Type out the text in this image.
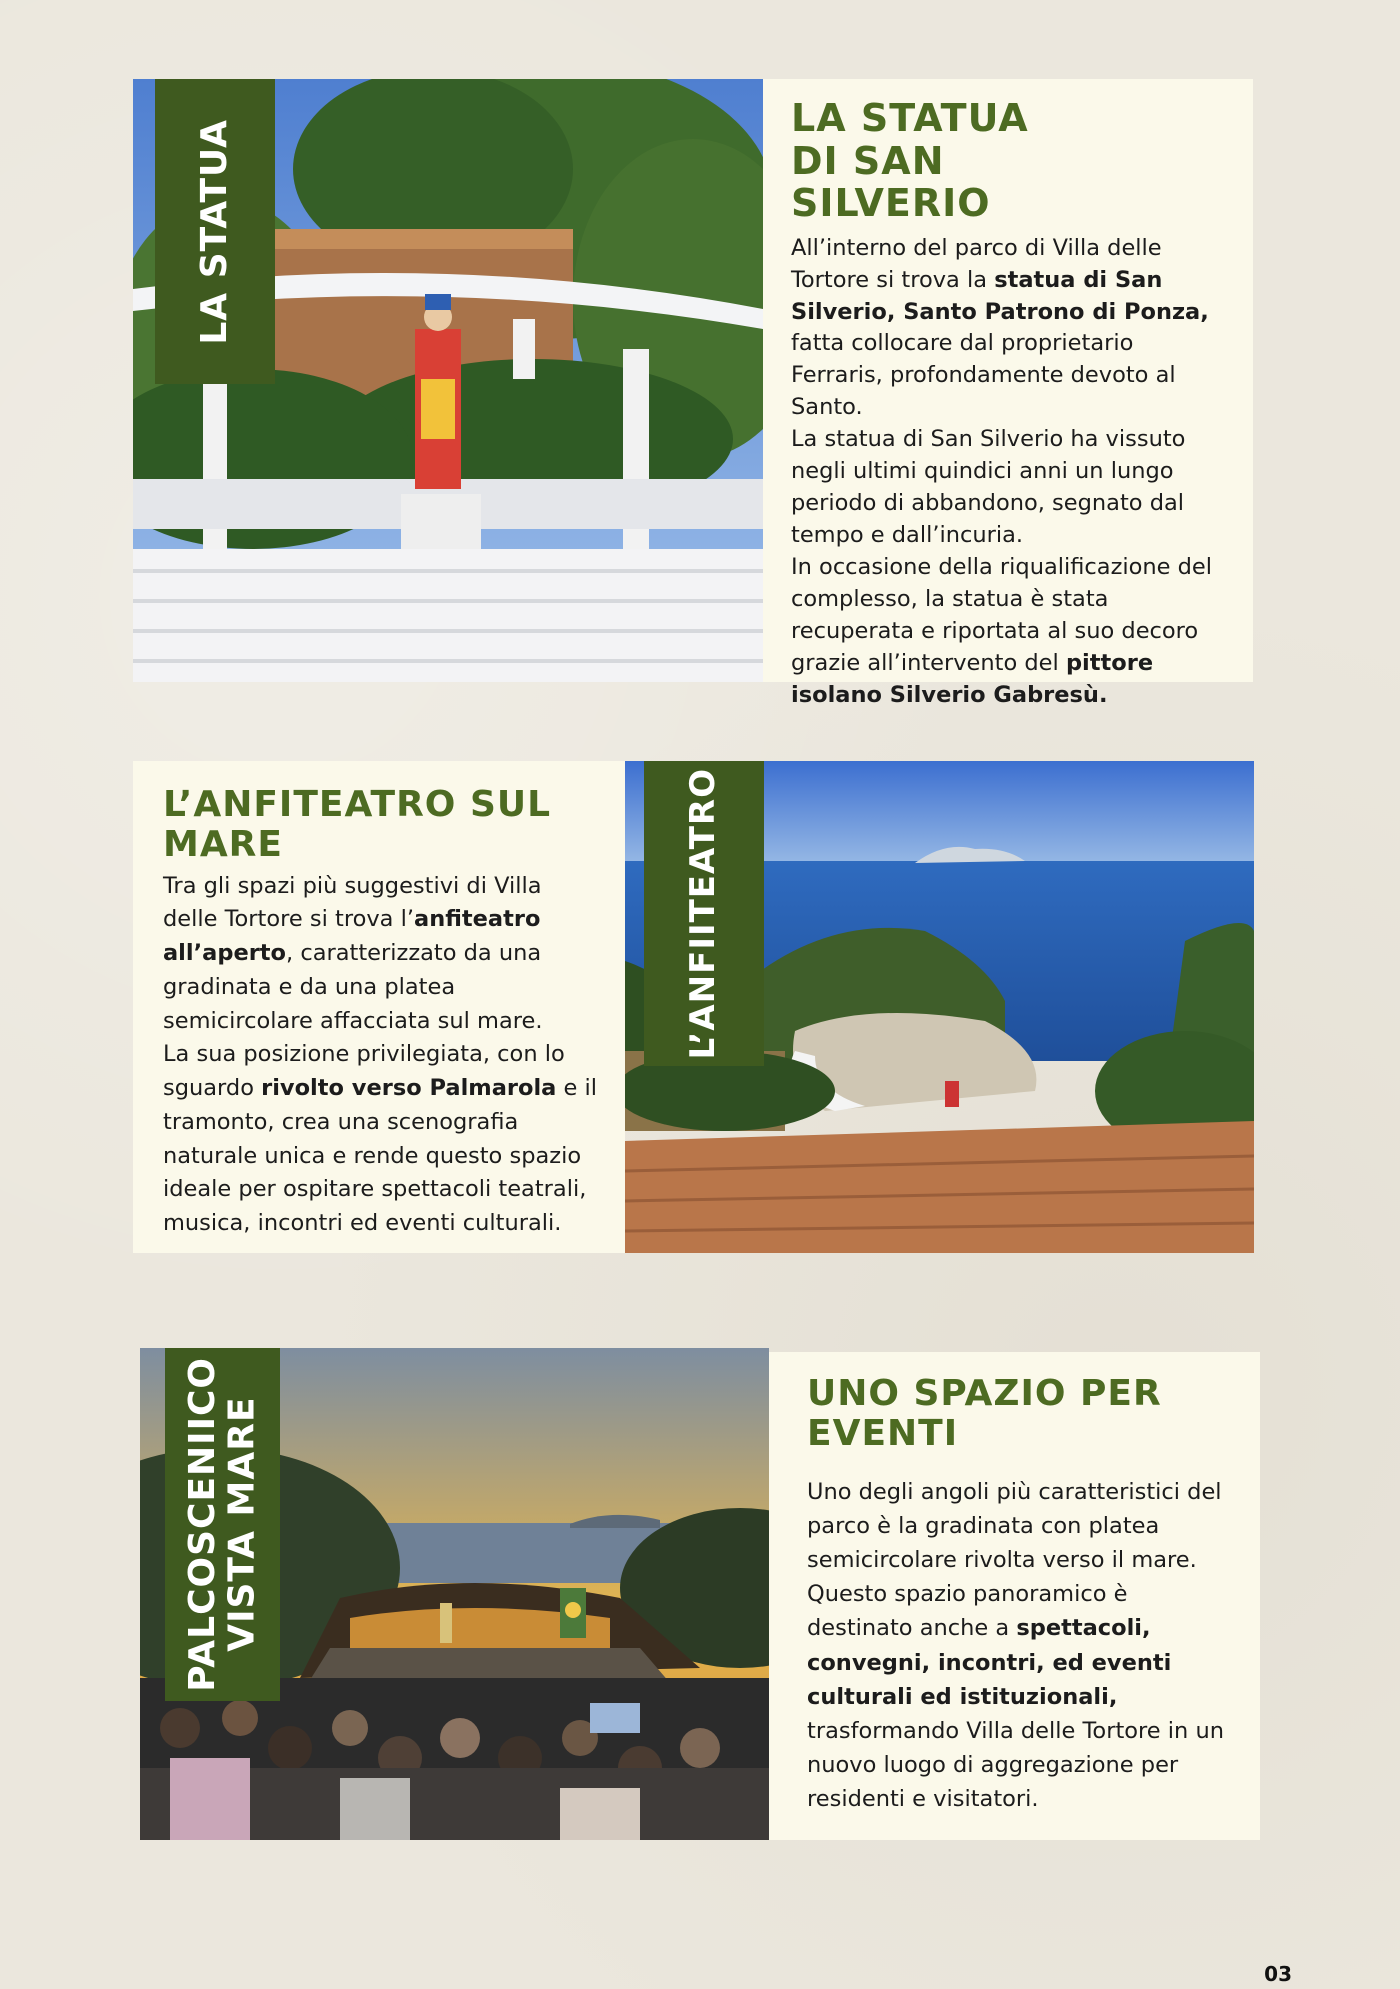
LA STATUA
LA STATUA DI SAN SILVERIO

All’interno del parco di Villa delle Tortore si trova la statua di San Silverio, Santo Patrono di Ponza, fatta collocare dal proprietario Ferraris, profondamente devoto al Santo.

La statua di San Silverio ha vissuto negli ultimi quindici anni un lungo periodo di abbandono, segnato dal tempo e dall’incuria.

In occasione della riqualificazione del complesso, la statua è stata recuperata e riportata al suo decoro grazie all’intervento del pittore isolano Silverio Gabresù.

L’ANFITEATRO SUL MARE

Tra gli spazi più suggestivi di Villa delle Tortore si trova l’anfiteatro all’aperto, caratterizzato da una gradinata e da una platea semicircolare affacciata sul mare.

La sua posizione privilegiata, con lo sguardo rivolto verso Palmarola e il tramonto, crea una scenografia naturale unica e rende questo spazio ideale per ospitare spettacoli teatrali, musica, incontri ed eventi culturali.

L’ANFIITEATRO
PALCOSCENIICO
VISTA MARE
UNO SPAZIO PER EVENTI

Uno degli angoli più caratteristici del parco è la gradinata con platea semicircolare rivolta verso il mare. Questo spazio panoramico è destinato anche a spettacoli, convegni, incontri, ed eventi culturali ed istituzionali, trasformando Villa delle Tortore in un nuovo luogo di aggregazione per residenti e visitatori.

03
